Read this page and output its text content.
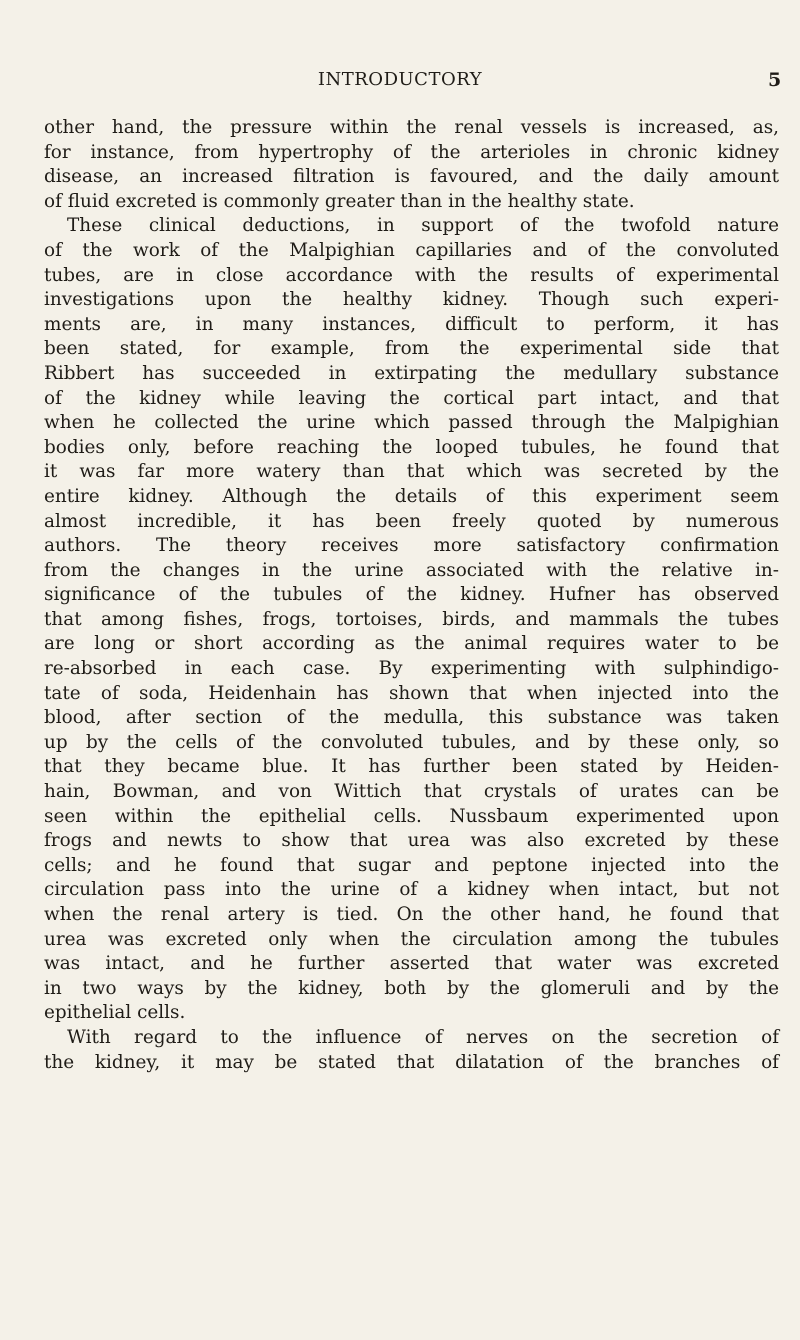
INTRODUCTORY	5
other hand, the pressure within the renal vessels is increased, as,
for instance, from hypertrophy of the arterioles in chronic kidney
disease, an increased filtration is favoured, and the daily amount
of fluid excreted is commonly greater than in the healthy state.
These clinical deductions, in support of the twofold nature
of the work of the Malpighian capillaries and of the convoluted
tubes, are in close accordance with the results of experimental
investigations upon the healthy kidney. Though such experi-
ments are, in many instances, difficult to perform, it has
been stated, for example, from the experimental side that
Ribbert has succeeded in extirpating the medullary substance
of the kidney while leaving the cortical part intact, and that
when he collected the urine which passed through the Malpighian
bodies only, before reaching the looped tubules, he found that
it was far more watery than that which was secreted by the
entire kidney. Although the details of this experiment seem
almost incredible, it has been freely quoted by numerous
authors. The theory receives more satisfactory confirmation
from the changes in the urine associated with the relative in-
significance of the tubules of the kidney. Hufner has observed
that among fishes, frogs, tortoises, birds, and mammals the tubes
are long or short according as the animal requires water to be
re-absorbed in each case. By experimenting with sulphindigo-
tate of soda, Heidenhain has shown that when injected into the
blood, after section of the medulla, this substance was taken
up by the cells of the convoluted tubules, and by these only, so
that they became blue. It has further been stated by Heiden-
hain, Bowman, and von Wittich that crystals of urates can be
seen within the epithelial cells. Nussbaum experimented upon
frogs and newts to show that urea was also excreted by these
cells; and he found that sugar and peptone injected into the
circulation pass into the urine of a kidney when intact, but not
when the renal artery is tied. On the other hand, he found that
urea was excreted only when the circulation among the tubules
was intact, and he further asserted that water was excreted
in two ways by the kidney, both by the glomeruli and by the
epithelial cells.
With regard to the influence of nerves on the secretion of
the kidney, it may be stated that dilatation of the branches of
